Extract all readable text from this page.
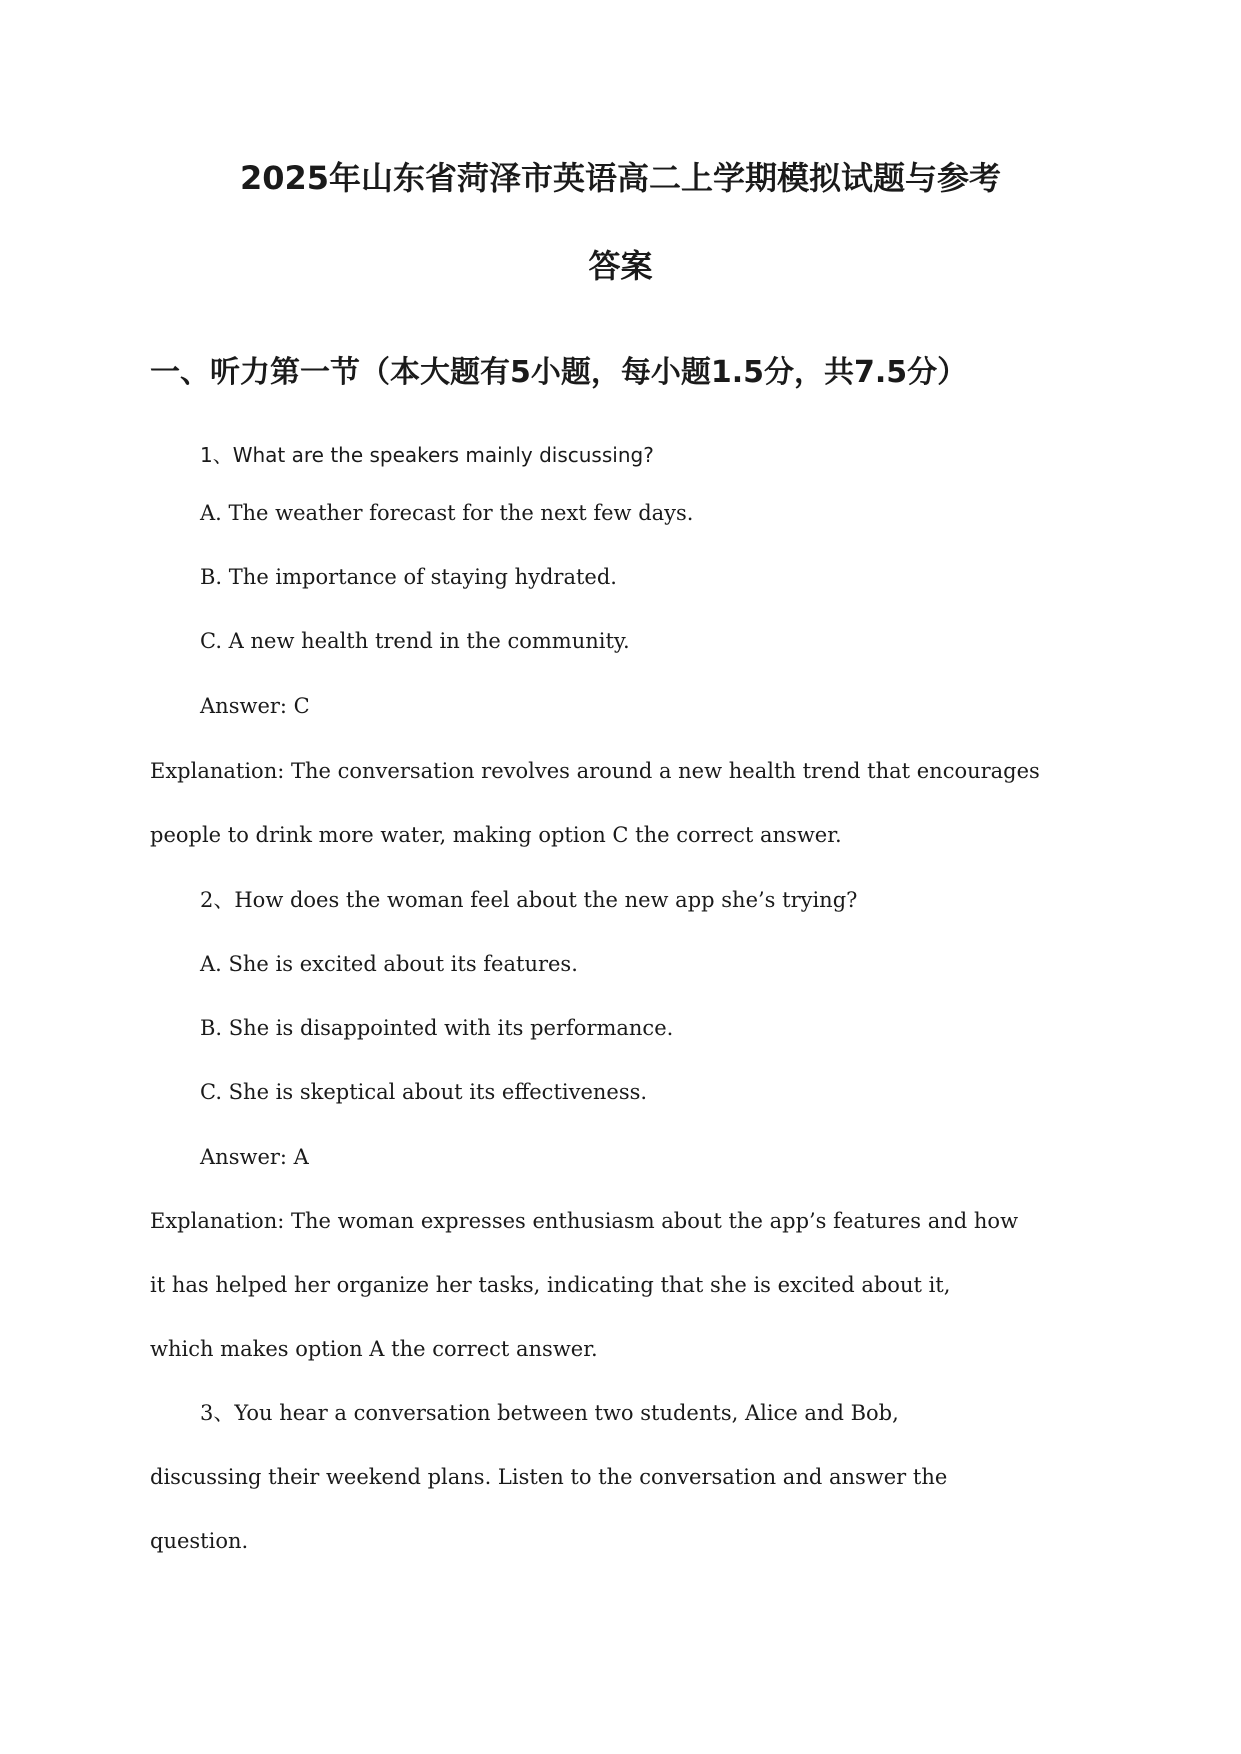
2025年山东省菏泽市英语高二上学期模拟试题与参考
答案
一、听力第一节（本大题有5小题，每小题1.5分，共7.5分）

1、What are the speakers mainly discussing?

A. The weather forecast for the next few days.

B. The importance of staying hydrated.

C. A new health trend in the community.

Answer: C

Explanation: The conversation revolves around a new health trend that encourages

people to drink more water, making option C the correct answer.

2、How does the woman feel about the new app she’s trying?

A. She is excited about its features.

B. She is disappointed with its performance.

C. She is skeptical about its effectiveness.

Answer: A

Explanation: The woman expresses enthusiasm about the app’s features and how

it has helped her organize her tasks, indicating that she is excited about it,

which makes option A the correct answer.

3、You hear a conversation between two students, Alice and Bob,

discussing their weekend plans. Listen to the conversation and answer the

question.
